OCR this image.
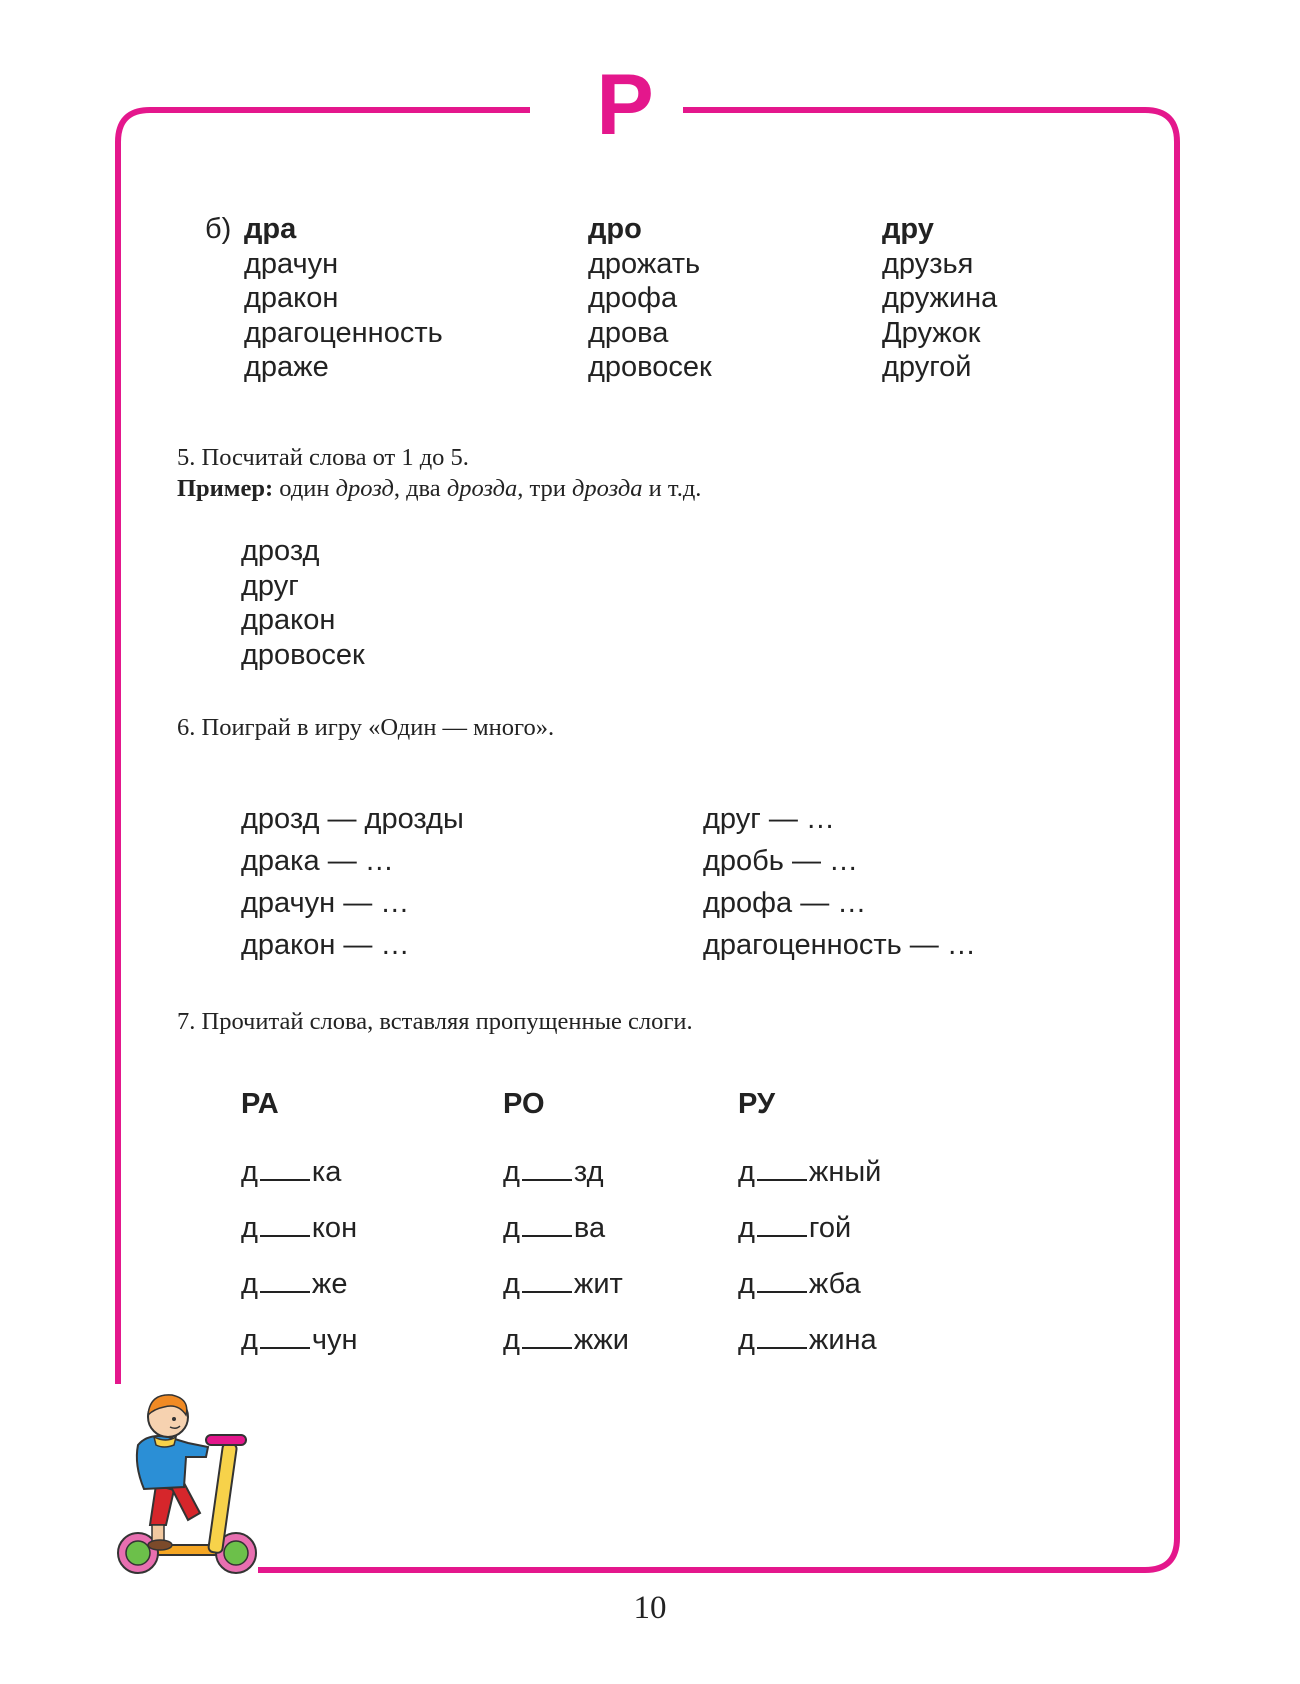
Р
б) дра
драчун
дракон
драгоценность
драже
дро
дрожать
дрофа
дрова
дровосек
дру
друзья
дружина
Дружок
другой
5. Посчитай слова от 1 до 5.
Пример: один дрозд, два дрозда, три дрозда и т.д.
дрозд
друг
дракон
дровосек
6. Поиграй в игру «Один — много».
дрозд — дрозды
драка — …
драчун — …
дракон — …
друг — …
дробь — …
дрофа — …
драгоценность — …
7. Прочитай слова, вставляя пропущенные слоги.
РА	РО	РУ
д ка
д кон
д же
д чун
д зд
д ва
д жит
д жжи
д жный
д гой
д жба
д жина
10
